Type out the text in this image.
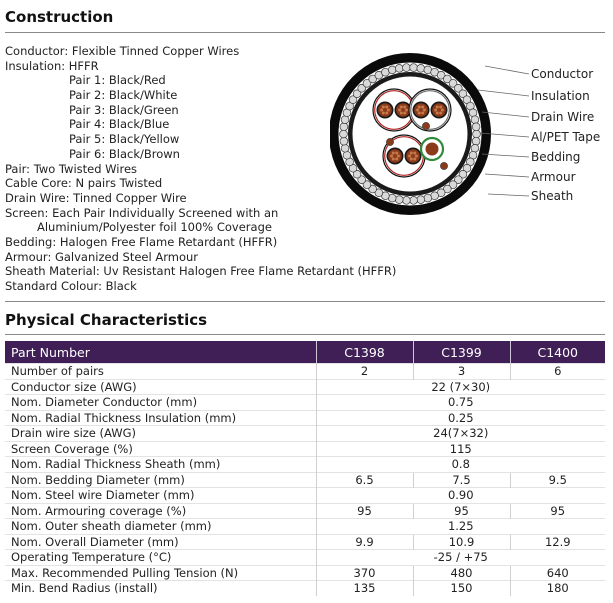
Construction
Conductor: Flexible Tinned Copper Wires
Insulation: HFFR
Pair 1: Black/Red
Pair 2: Black/White
Pair 3: Black/Green
Pair 4: Black/Blue
Pair 5: Black/Yellow
Pair 6: Black/Brown
Pair: Two Twisted Wires
Cable Core: N pairs Twisted
Drain Wire: Tinned Copper Wire
Screen: Each Pair Individually Screened with an
Aluminium/Polyester foil 100% Coverage
Bedding: Halogen Free Flame Retardant (HFFR)
Armour: Galvanized Steel Armour
Sheath Material: Uv Resistant Halogen Free Flame Retardant (HFFR)
Standard Colour: Black
Conductor
Insulation
Drain Wire
Al/PET Tape
Bedding
Armour
Sheath
Physical Characteristics
Part Number	C1398	C1399	C1400
Number of pairs	2	3	6
Conductor size (AWG)	22 (7×30)		
Nom. Diameter Conductor (mm)	0.75		
Nom. Radial Thickness Insulation (mm)	0.25		
Drain wire size (AWG)	24(7×32)		
Screen Coverage (%)	115		
Nom. Radial Thickness Sheath (mm)	0.8		
Nom. Bedding Diameter (mm)	6.5	7.5	9.5
Nom. Steel wire Diameter (mm)	0.90		
Nom. Armouring coverage (%)	95	95	95
Nom. Outer sheath diameter (mm)	1.25		
Nom. Overall Diameter (mm)	9.9	10.9	12.9
Operating Temperature (°C)	-25 / +75		
Max. Recommended Pulling Tension (N)	370	480	640
Min. Bend Radius (install)	135	150	180
